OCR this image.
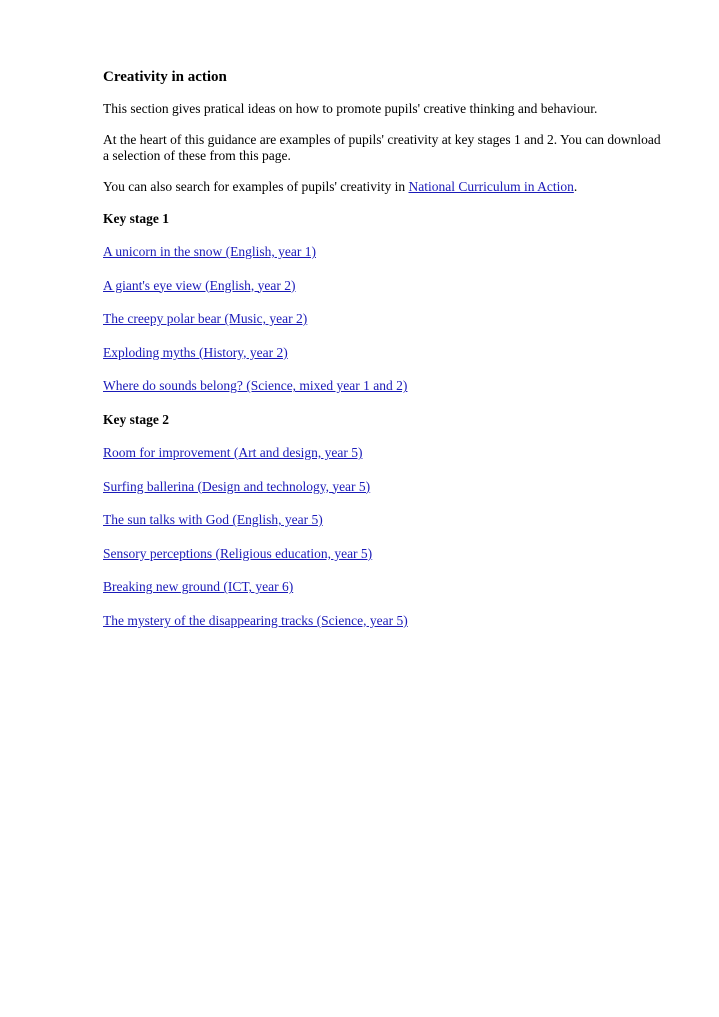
Creativity in action

This section gives pratical ideas on how to promote pupils' creative thinking and behaviour.

At the heart of this guidance are examples of pupils' creativity at key stages 1 and 2. You can download a selection of these from this page.

You can also search for examples of pupils' creativity in National Curriculum in Action.

Key stage 1
A unicorn in the snow (English, year 1)
A giant's eye view (English, year 2)
The creepy polar bear (Music, year 2)
Exploding myths (History, year 2)
Where do sounds belong? (Science, mixed year 1 and 2)
Key stage 2
Room for improvement (Art and design, year 5)
Surfing ballerina (Design and technology, year 5)
The sun talks with God (English, year 5)
Sensory perceptions (Religious education, year 5)
Breaking new ground (ICT, year 6)
The mystery of the disappearing tracks (Science, year 5)
